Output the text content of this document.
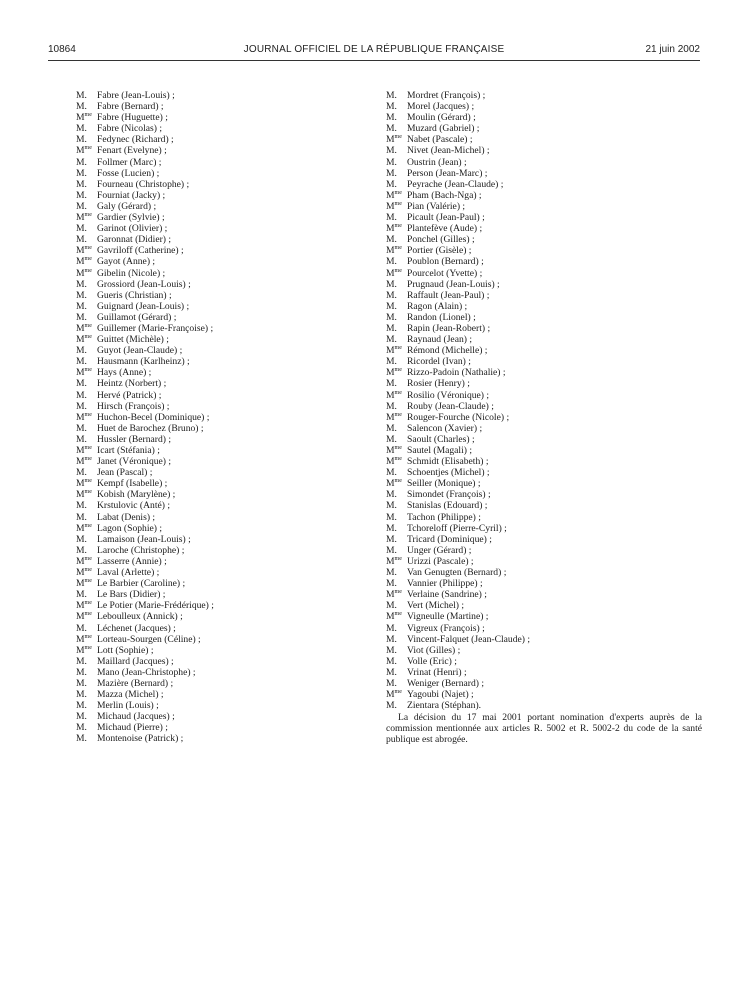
10864	JOURNAL OFFICIEL DE LA RÉPUBLIQUE FRANÇAISE	21 juin 2002
M. Fabre (Jean-Louis) ;
M. Fabre (Bernard) ;
$M^{me}$ Fabre (Huguette) ;
M. Fabre (Nicolas) ;
M. Fedynec (Richard) ;
$M^{me}$ Fenart (Evelyne) ;
M. Follmer (Marc) ;
M. Fosse (Lucien) ;
M. Fourneau (Christophe) ;
M. Fourniat (Jacky) ;
M. Galy (Gérard) ;
$M^{me}$ Gardier (Sylvie) ;
M. Garinot (Olivier) ;
M. Garonnat (Didier) ;
$M^{me}$ Gavriloff (Catherine) ;
$M^{me}$ Gayot (Anne) ;
$M^{me}$ Gibelin (Nicole) ;
M. Grossiord (Jean-Louis) ;
M. Gueris (Christian) ;
M. Guignard (Jean-Louis) ;
M. Guillamot (Gérard) ;
$M^{me}$ Guillemer (Marie-Françoise) ;
$M^{me}$ Guittet (Michèle) ;
M. Guyot (Jean-Claude) ;
M. Hausmann (Karlheinz) ;
$M^{me}$ Hays (Anne) ;
M. Heintz (Norbert) ;
M. Hervé (Patrick) ;
M. Hirsch (François) ;
$M^{me}$ Huchon-Becel (Dominique) ;
M. Huet de Barochez (Bruno) ;
M. Hussler (Bernard) ;
$M^{me}$ Icart (Stéfania) ;
$M^{me}$ Janet (Véronique) ;
M. Jean (Pascal) ;
$M^{me}$ Kempf (Isabelle) ;
$M^{me}$ Kobish (Marylène) ;
M. Krstulovic (Anté) ;
M. Labat (Denis) ;
$M^{me}$ Lagon (Sophie) ;
M. Lamaison (Jean-Louis) ;
M. Laroche (Christophe) ;
$M^{me}$ Lasserre (Annie) ;
$M^{me}$ Laval (Arlette) ;
$M^{me}$ Le Barbier (Caroline) ;
M. Le Bars (Didier) ;
$M^{me}$ Le Potier (Marie-Frédérique) ;
$M^{me}$ Leboulleux (Annick) ;
M. Léchenet (Jacques) ;
$M^{me}$ Lorteau-Sourgen (Céline) ;
$M^{me}$ Lott (Sophie) ;
M. Maillard (Jacques) ;
M. Mano (Jean-Christophe) ;
M. Mazière (Bernard) ;
M. Mazza (Michel) ;
M. Merlin (Louis) ;
M. Michaud (Jacques) ;
M. Michaud (Pierre) ;
M. Montenoise (Patrick) ;
M. Mordret (François) ;
M. Morel (Jacques) ;
M. Moulin (Gérard) ;
M. Muzard (Gabriel) ;
$M^{me}$ Nabet (Pascale) ;
M. Nivet (Jean-Michel) ;
M. Oustrin (Jean) ;
M. Person (Jean-Marc) ;
M. Peyrache (Jean-Claude) ;
$M^{me}$ Pham (Bach-Nga) ;
$M^{me}$ Pian (Valérie) ;
M. Picault (Jean-Paul) ;
$M^{me}$ Plantefève (Aude) ;
M. Ponchel (Gilles) ;
$M^{me}$ Portier (Gisèle) ;
M. Poublon (Bernard) ;
$M^{me}$ Pourcelot (Yvette) ;
M. Prugnaud (Jean-Louis) ;
M. Raffault (Jean-Paul) ;
M. Ragon (Alain) ;
M. Randon (Lionel) ;
M. Rapin (Jean-Robert) ;
M. Raynaud (Jean) ;
$M^{me}$ Rémond (Michelle) ;
M. Ricordel (Ivan) ;
$M^{me}$ Rizzo-Padoin (Nathalie) ;
M. Rosier (Henry) ;
$M^{me}$ Rosilio (Véronique) ;
M. Rouby (Jean-Claude) ;
$M^{me}$ Rouger-Fourche (Nicole) ;
M. Salencon (Xavier) ;
M. Saoult (Charles) ;
$M^{me}$ Sautel (Magali) ;
$M^{me}$ Schmidt (Elisabeth) ;
M. Schoentjes (Michel) ;
$M^{me}$ Seiller (Monique) ;
M. Simondet (François) ;
M. Stanislas (Edouard) ;
M. Tachon (Philippe) ;
M. Tchoreloff (Pierre-Cyril) ;
M. Tricard (Dominique) ;
M. Unger (Gérard) ;
$M^{me}$ Urizzi (Pascale) ;
M. Van Genugten (Bernard) ;
M. Vannier (Philippe) ;
$M^{me}$ Verlaine (Sandrine) ;
M. Vert (Michel) ;
$M^{me}$ Vigneulle (Martine) ;
M. Vigreux (François) ;
M. Vincent-Falquet (Jean-Claude) ;
M. Viot (Gilles) ;
M. Volle (Eric) ;
M. Vrinat (Henri) ;
M. Weniger (Bernard) ;
$M^{me}$ Yagoubi (Najet) ;
M. Zientara (Stéphan).
La décision du 17 mai 2001 portant nomination d'experts auprès de la commission mentionnée aux articles R. 5002 et R. 5002-2 du code de la santé publique est abrogée.
